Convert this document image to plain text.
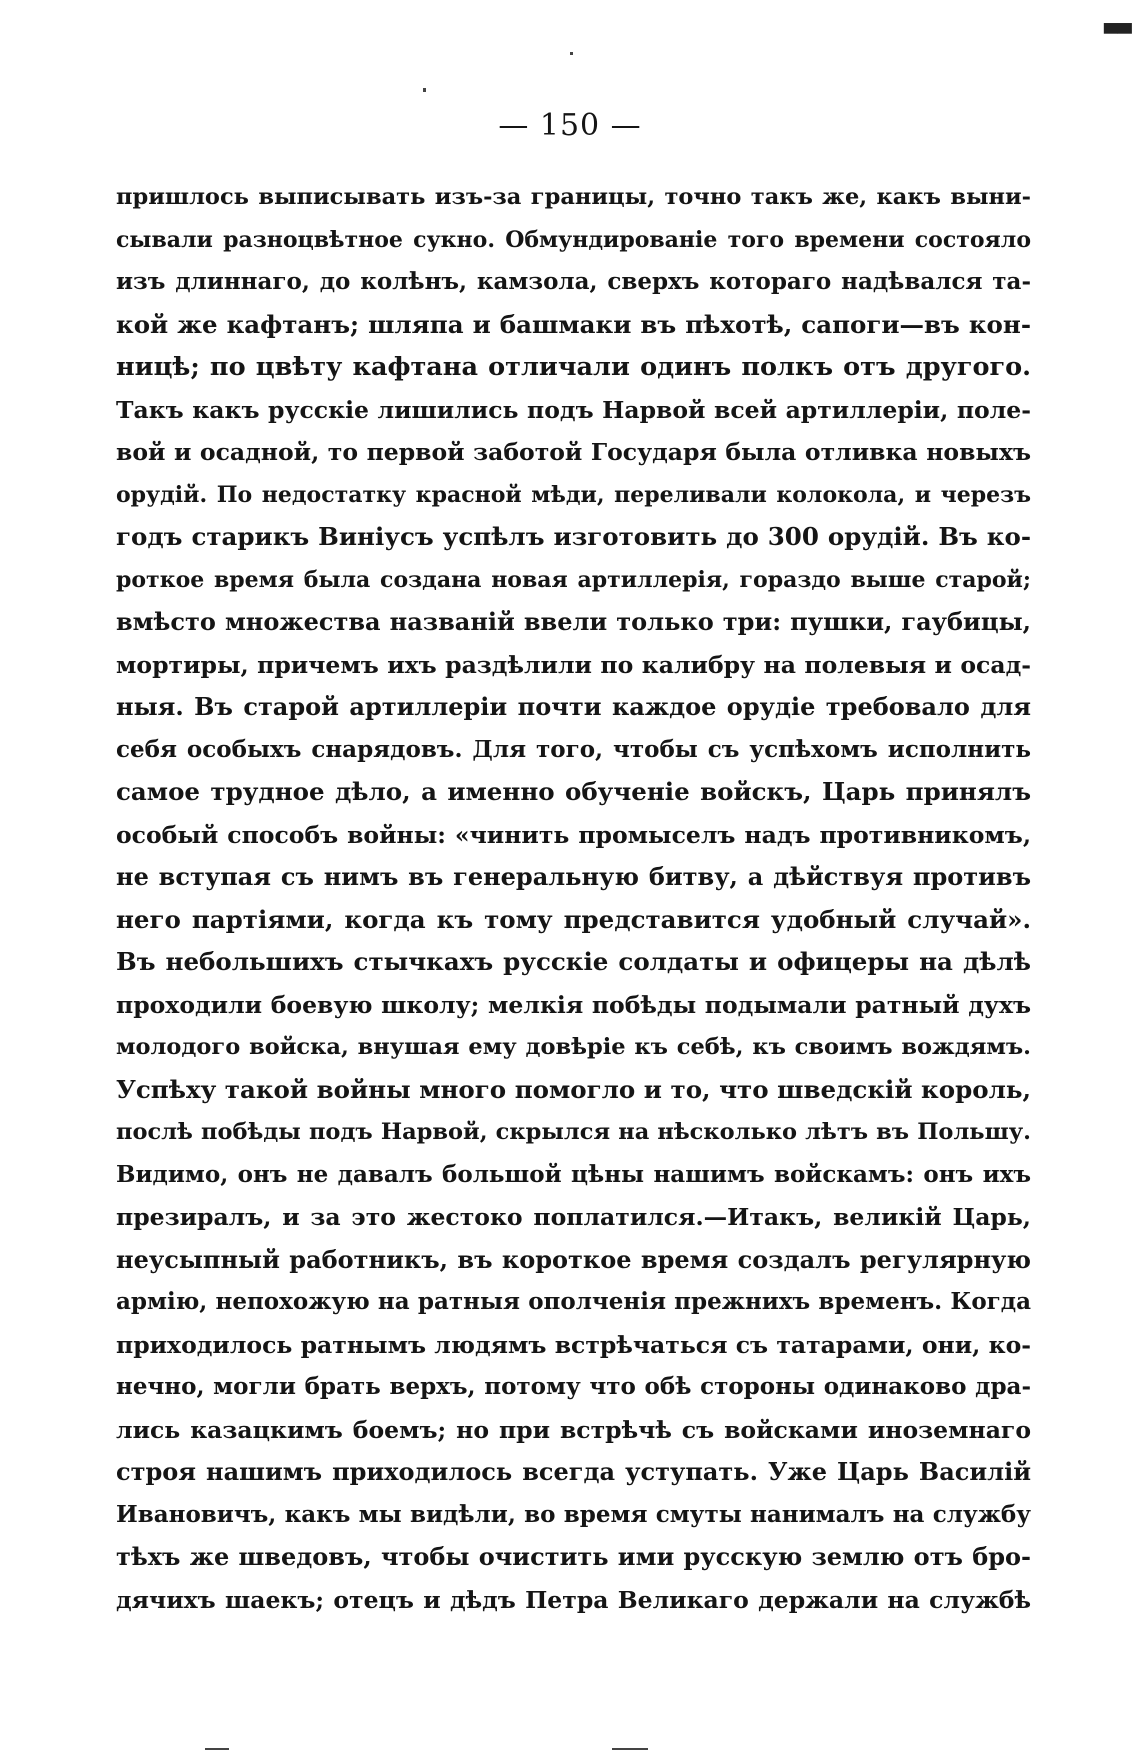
▀▀
— 150 —
пришлось выписывать изъ-за границы, точно такъ же, какъ выни-
сывали разноцвѣтное сукно. Обмундированіе того времени состояло
изъ длиннаго, до колѣнъ, камзола, сверхъ котораго надѣвался та-
кой же кафтанъ; шляпа и башмаки въ пѣхотѣ, сапоги—въ кон-
ницѣ; по цвѣту кафтана отличали одинъ полкъ отъ другого.
Такъ какъ русскіе лишились подъ Нарвой всей артиллеріи, поле-
вой и осадной, то первой заботой Государя была отливка новыхъ
орудій. По недостатку красной мѣди, переливали колокола, и черезъ
годъ старикъ Виніусъ успѣлъ изготовить до 300 орудій. Въ ко-
роткое время была создана новая артиллерія, гораздо выше старой;
вмѣсто множества названій ввели только три: пушки, гаубицы,
мортиры, причемъ ихъ раздѣлили по калибру на полевыя и осад-
ныя. Въ старой артиллеріи почти каждое орудіе требовало для
себя особыхъ снарядовъ. Для того, чтобы съ успѣхомъ исполнить
самое трудное дѣло, а именно обученіе войскъ, Царь принялъ
особый способъ войны: «чинить промыселъ надъ противникомъ,
не вступая съ нимъ въ генеральную битву, а дѣйствуя противъ
него партіями, когда къ тому представится удобный случай».
Въ небольшихъ стычкахъ русскіе солдаты и офицеры на дѣлѣ
проходили боевую школу; мелкія побѣды подымали ратный духъ
молодого войска, внушая ему довѣріе къ себѣ, къ своимъ вождямъ.
Успѣху такой войны много помогло и то, что шведскій король,
послѣ побѣды подъ Нарвой, скрылся на нѣсколько лѣтъ въ Польшу.
Видимо, онъ не давалъ большой цѣны нашимъ войскамъ: онъ ихъ
презиралъ, и за это жестоко поплатился.—Итакъ, великій Царь,
неусыпный работникъ, въ короткое время создалъ регулярную
армію, непохожую на ратныя ополченія прежнихъ временъ. Когда
приходилось ратнымъ людямъ встрѣчаться съ татарами, они, ко-
нечно, могли брать верхъ, потому что обѣ стороны одинаково дра-
лись казацкимъ боемъ; но при встрѣчѣ съ войсками иноземнаго
строя нашимъ приходилось всегда уступать. Уже Царь Василій
Ивановичъ, какъ мы видѣли, во время смуты нанималъ на службу
тѣхъ же шведовъ, чтобы очистить ими русскую землю отъ бро-
дячихъ шаекъ; отецъ и дѣдъ Петра Великаго держали на службѣ
